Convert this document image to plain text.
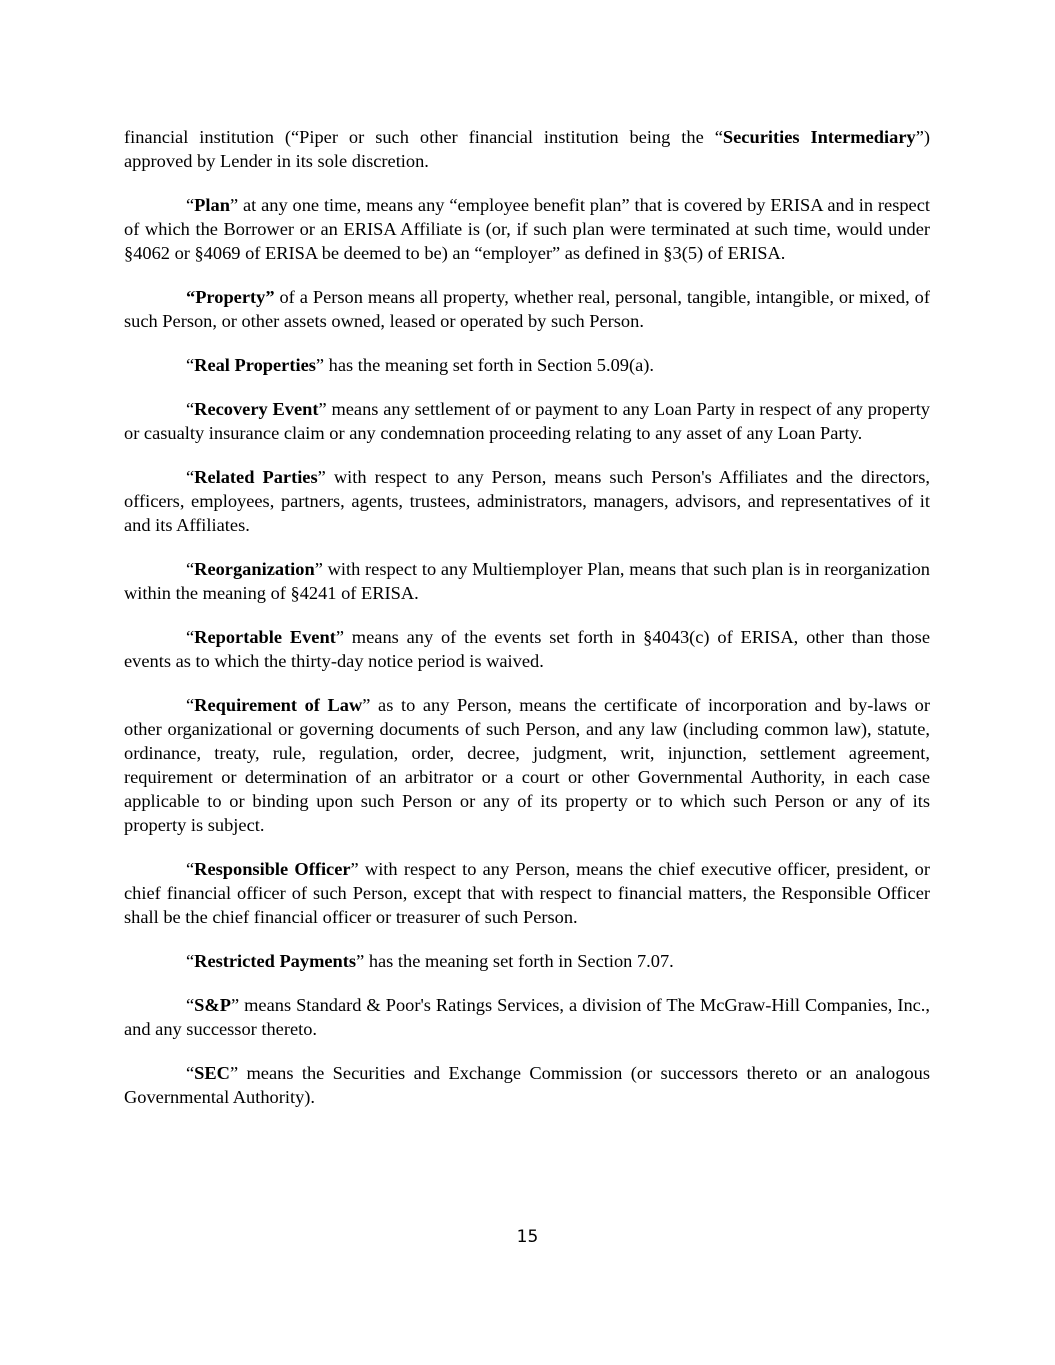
financial institution (“Piper or such other financial institution being the “Securities Intermediary”) approved by Lender in its sole discretion.

“Plan” at any one time, means any “employee benefit plan” that is covered by ERISA and in respect of which the Borrower or an ERISA Affiliate is (or, if such plan were terminated at such time, would under §4062 or §4069 of ERISA be deemed to be) an “employer” as defined in §3(5) of ERISA.

“Property” of a Person means all property, whether real, personal, tangible, intangible, or mixed, of such Person, or other assets owned, leased or operated by such Person.

“Real Properties” has the meaning set forth in Section 5.09(a).

“Recovery Event” means any settlement of or payment to any Loan Party in respect of any property or casualty insurance claim or any condemnation proceeding relating to any asset of any Loan Party.

“Related Parties” with respect to any Person, means such Person's Affiliates and the directors, officers, employees, partners, agents, trustees, administrators, managers, advisors, and representatives of it and its Affiliates.

“Reorganization” with respect to any Multiemployer Plan, means that such plan is in reorganization within the meaning of §4241 of ERISA.

“Reportable Event” means any of the events set forth in §4043(c) of ERISA, other than those events as to which the thirty-day notice period is waived.

“Requirement of Law” as to any Person, means the certificate of incorporation and by-laws or other organizational or governing documents of such Person, and any law (including common law), statute, ordinance, treaty, rule, regulation, order, decree, judgment, writ, injunction, settlement agreement, requirement or determination of an arbitrator or a court or other Governmental Authority, in each case applicable to or binding upon such Person or any of its property or to which such Person or any of its property is subject.

“Responsible Officer” with respect to any Person, means the chief executive officer, president, or chief financial officer of such Person, except that with respect to financial matters, the Responsible Officer shall be the chief financial officer or treasurer of such Person.

“Restricted Payments” has the meaning set forth in Section 7.07.

“S&P” means Standard & Poor's Ratings Services, a division of The McGraw-Hill Companies, Inc., and any successor thereto.

“SEC” means the Securities and Exchange Commission (or successors thereto or an analogous Governmental Authority).

15
